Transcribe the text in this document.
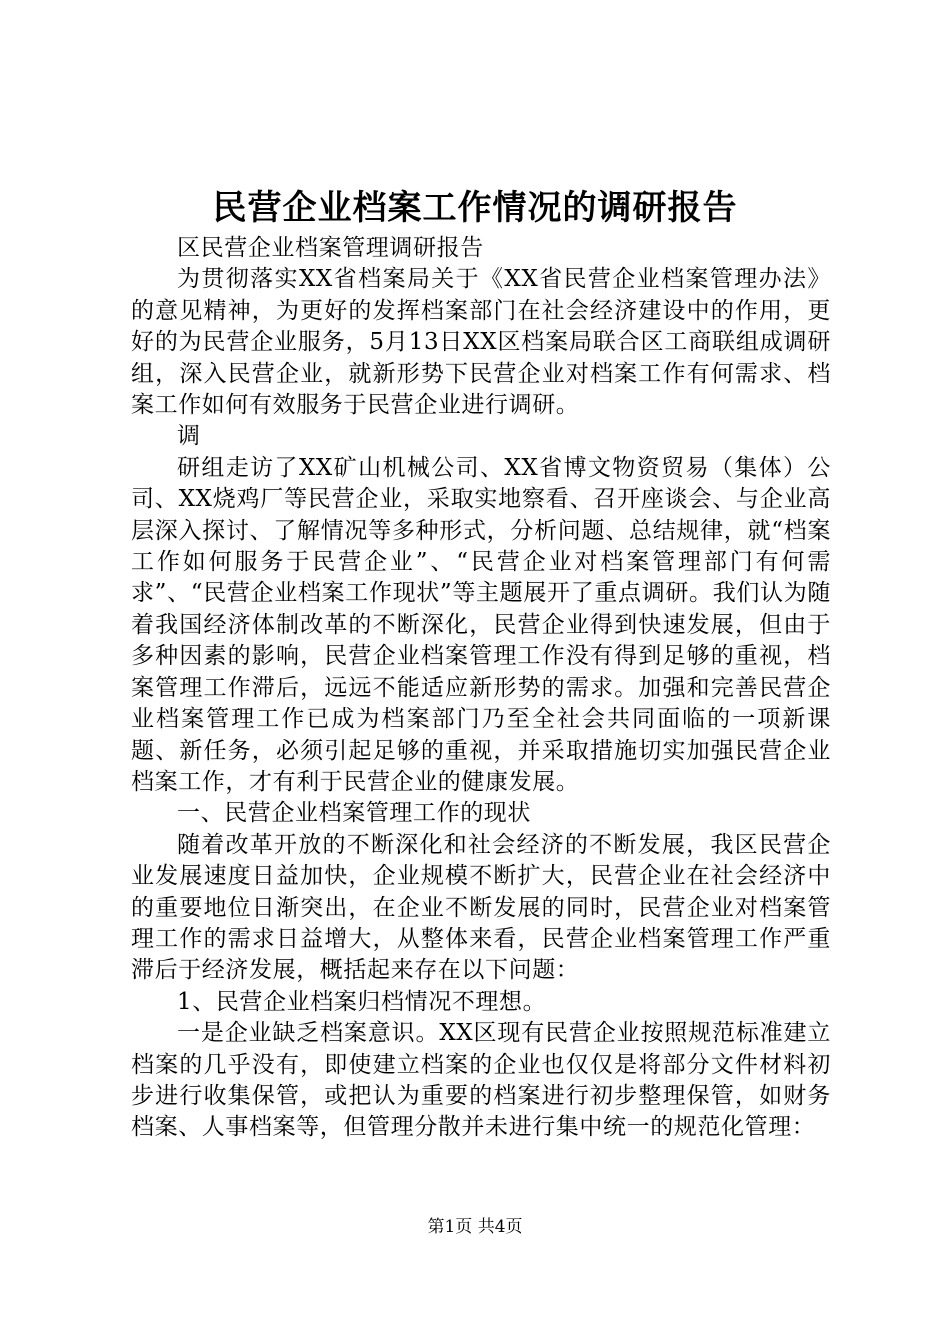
民营企业档案工作情况的调研报告

区民营企业档案管理调研报告

为贯彻落实XX省档案局关于《XX省民营企业档案管理办法》的意见精神，为更好的发挥档案部门在社会经济建设中的作用，更好的为民营企业服务，5月13日XX区档案局联合区工商联组成调研组，深入民营企业，就新形势下民营企业对档案工作有何需求、档案工作如何有效服务于民营企业进行调研。

调

研组走访了XX矿山机械公司、XX省博文物资贸易（集体）公司、XX烧鸡厂等民营企业，采取实地察看、召开座谈会、与企业高层深入探讨、了解情况等多种形式，分析问题、总结规律，就“档案工作如何服务于民营企业”、“民营企业对档案管理部门有何需求”、“民营企业档案工作现状”等主题展开了重点调研。我们认为随着我国经济体制改革的不断深化，民营企业得到快速发展，但由于多种因素的影响，民营企业档案管理工作没有得到足够的重视，档案管理工作滞后，远远不能适应新形势的需求。加强和完善民营企业档案管理工作已成为档案部门乃至全社会共同面临的一项新课题、新任务，必须引起足够的重视，并采取措施切实加强民营企业档案工作，才有利于民营企业的健康发展。

一、民营企业档案管理工作的现状

随着改革开放的不断深化和社会经济的不断发展，我区民营企业发展速度日益加快，企业规模不断扩大，民营企业在社会经济中的重要地位日渐突出，在企业不断发展的同时，民营企业对档案管理工作的需求日益增大，从整体来看，民营企业档案管理工作严重滞后于经济发展，概括起来存在以下问题：

1、民营企业档案归档情况不理想。

一是企业缺乏档案意识。XX区现有民营企业按照规范标准建立档案的几乎没有，即使建立档案的企业也仅仅是将部分文件材料初步进行收集保管，或把认为重要的档案进行初步整理保管，如财务档案、人事档案等，但管理分散并未进行集中统一的规范化管理：

第1页 共4页
